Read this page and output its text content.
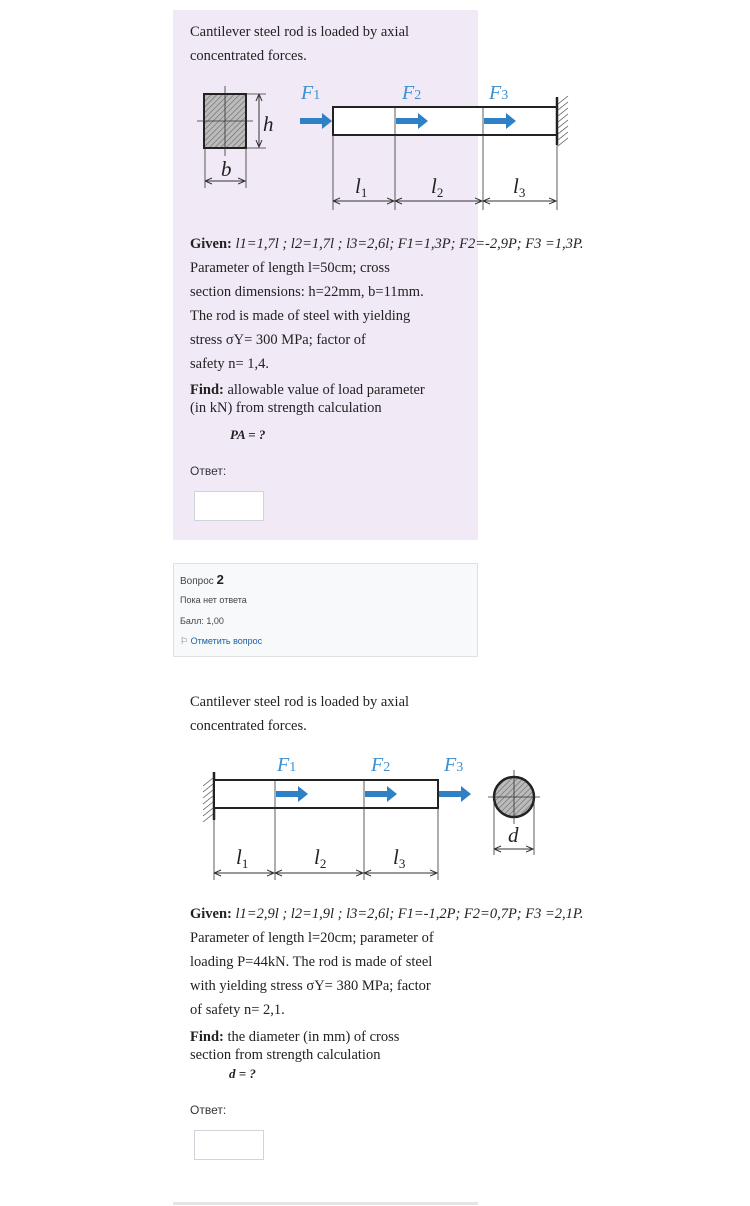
Cantilever steel rod is loaded by axial
concentrated forces.
h
b
F1	F2	F3
l1	l2	l3
F1	F2	F3
d
l1	l2	l3
Given: l1=1,7l ; l2=1,7l ; l3=2,6l; F1=1,3P; F2=-2,9P; F3 =1,3P.
Parameter of length l=50cm; cross
section dimensions: h=22mm, b=11mm.
The rod is made of steel with yielding
stress σY= 300 MPa; factor of
safety n= 1,4.
Find: allowable value of load parameter
(in kN) from strength calculation
PA = ?
Ответ:
Вопрос 2
Пока нет ответа
Балл: 1,00
⚐ Отметить вопрос
Cantilever steel rod is loaded by axial
concentrated forces.
Given: l1=2,9l ; l2=1,9l ; l3=2,6l; F1=-1,2P; F2=0,7P; F3 =2,1P.
Parameter of length l=20cm; parameter of
loading P=44kN. The rod is made of steel
with yielding stress σY= 380 MPa; factor
of safety n= 2,1.
Find: the diameter (in mm) of cross
section from strength calculation
d = ?
Ответ:
